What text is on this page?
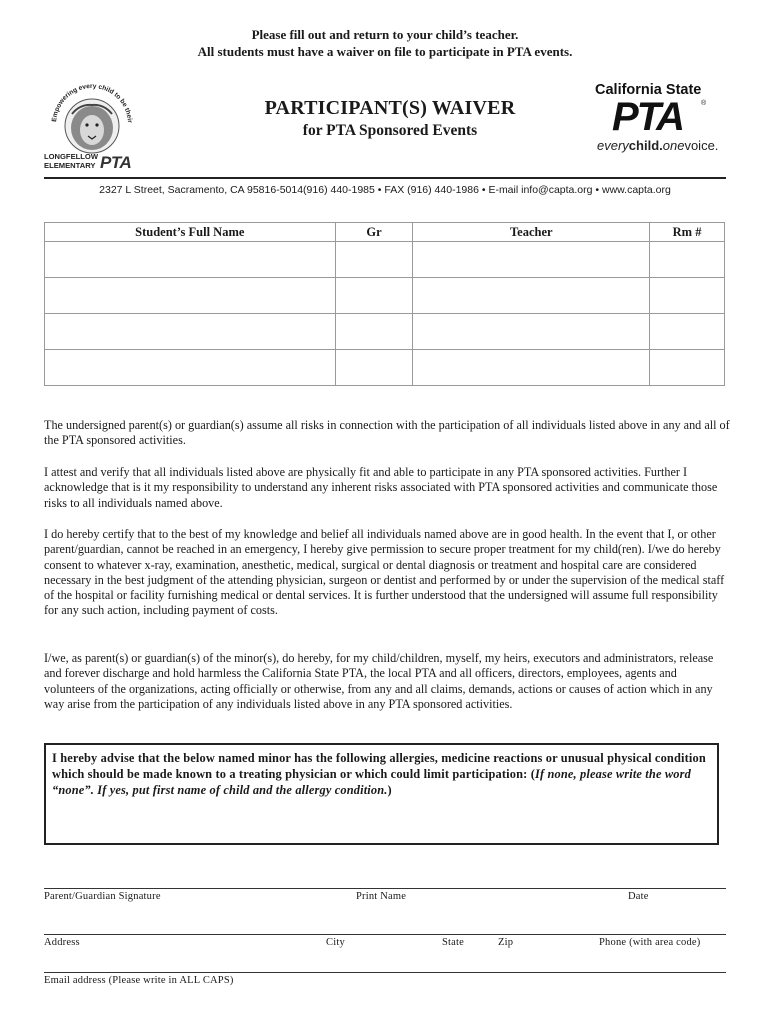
Please fill out and return to your child’s teacher.
All students must have a waiver on file to participate in PTA events.
Empowering every child to be their
LONGFELLOW
ELEMENTARY PTA
PARTICIPANT(S) WAIVER
for PTA Sponsored Events
California State
PTA	®
everychild.onevoice.
2327 L Street, Sacramento, CA 95816-5014(916) 440-1985 • FAX (916) 440-1986 • E-mail info@capta.org • www.capta.org
Student’s Full Name	Gr	Teacher	Rm #

The undersigned parent(s) or guardian(s) assume all risks in connection with the participation of all individuals listed above in any and all of the PTA sponsored activities.

I attest and verify that all individuals listed above are physically fit and able to participate in any PTA sponsored activities. Further I acknowledge that is it my responsibility to understand any inherent risks associated with PTA sponsored activities and communicate those risks to all individuals named above.

I do hereby certify that to the best of my knowledge and belief all individuals named above are in good health. In the event that I, or other parent/guardian, cannot be reached in an emergency, I hereby give permission to secure proper treatment for my child(ren). I/we do hereby consent to whatever x-ray, examination, anesthetic, medical, surgical or dental diagnosis or treatment and hospital care are considered necessary in the best judgment of the attending physician, surgeon or dentist and performed by or under the supervision of the medical staff of the hospital or facility furnishing medical or dental services. It is further understood that the undersigned will assume full responsibility for any such action, including payment of costs.

I/we, as parent(s) or guardian(s) of the minor(s), do hereby, for my child/children, myself, my heirs, executors and administrators, release and forever discharge and hold harmless the California State PTA, the local PTA and all officers, directors, employees, agents and volunteers of the organizations, acting officially or otherwise, from any and all claims, demands, actions or causes of action which in any way arise from the participation of any individuals listed above in any PTA sponsored activities.

I hereby advise that the below named minor has the following allergies, medicine reactions or unusual physical condition which should be made known to a treating physician or which could limit participation: (If none, please write the word “none”. If yes, put first name of child and the allergy condition.)

Parent/Guardian Signature	Print Name	Date
Address	City	State	Zip	Phone (with area code)
Email address (Please write in ALL CAPS)
